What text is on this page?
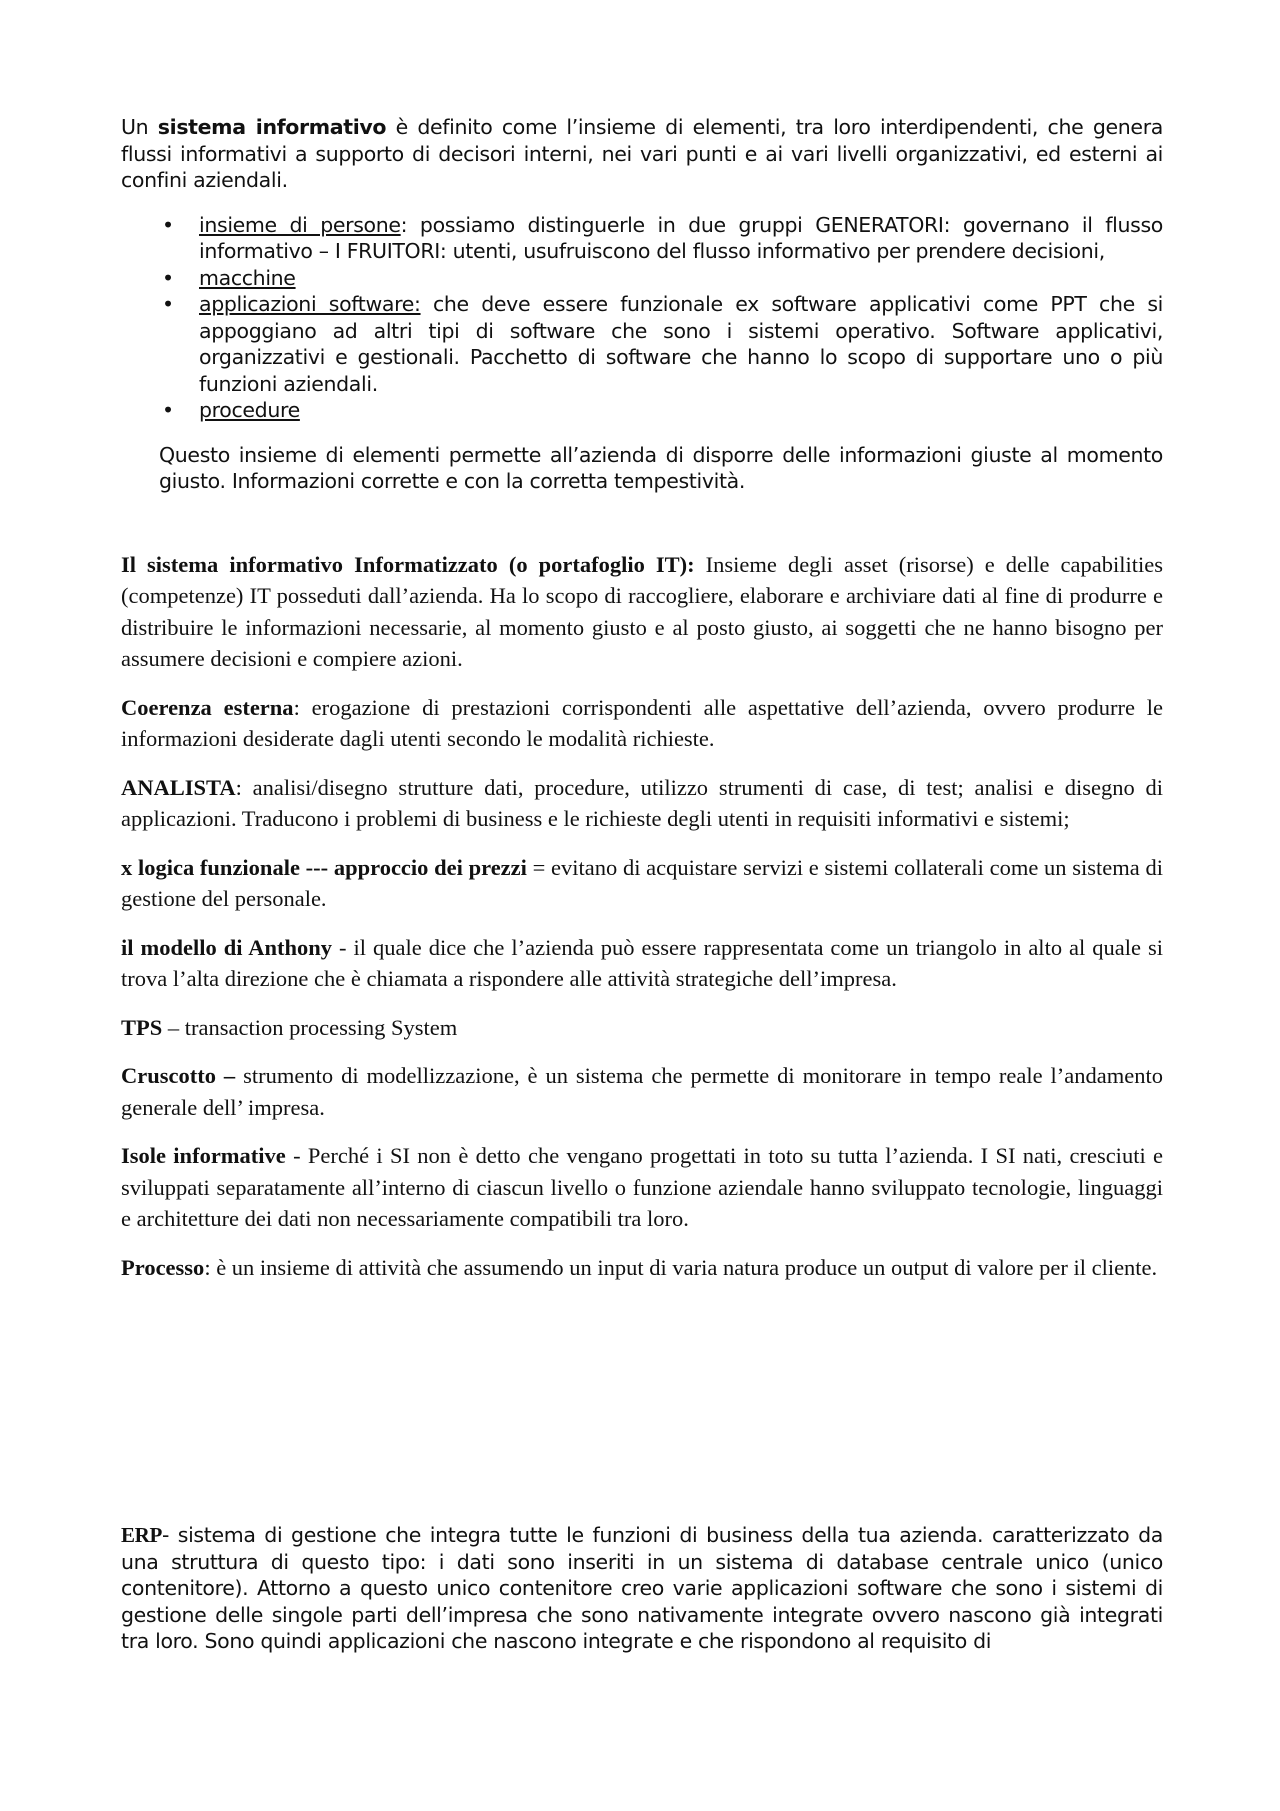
Un sistema informativo è definito come l’insieme di elementi, tra loro interdipendenti, che genera flussi informativi a supporto di decisori interni, nei vari punti e ai vari livelli organizzativi, ed esterni ai confini aziendali.

• insieme di persone: possiamo distinguerle in due gruppi GENERATORI: governano il flusso informativo – I FRUITORI: utenti, usufruiscono del flusso informativo per prendere decisioni,
• macchine
• applicazioni software: che deve essere funzionale ex software applicativi come PPT che si appoggiano ad altri tipi di software che sono i sistemi operativo. Software applicativi, organizzativi e gestionali. Pacchetto di software che hanno lo scopo di supportare uno o più funzioni aziendali.
• procedure

Questo insieme di elementi permette all’azienda di disporre delle informazioni giuste al momento giusto. Informazioni corrette e con la corretta tempestività.

Il sistema informativo Informatizzato (o portafoglio IT): Insieme degli asset (risorse) e delle capabilities (competenze) IT posseduti dall’azienda. Ha lo scopo di raccogliere, elaborare e archiviare dati al fine di produrre e distribuire le informazioni necessarie, al momento giusto e al posto giusto, ai soggetti che ne hanno bisogno per assumere decisioni e compiere azioni.

Coerenza esterna: erogazione di prestazioni corrispondenti alle aspettative dell’azienda, ovvero produrre le informazioni desiderate dagli utenti secondo le modalità richieste.

ANALISTA: analisi/disegno strutture dati, procedure, utilizzo strumenti di case, di test; analisi e disegno di applicazioni. Traducono i problemi di business e le richieste degli utenti in requisiti informativi e sistemi;

x logica funzionale --- approccio dei prezzi = evitano di acquistare servizi e sistemi collaterali come un sistema di gestione del personale.

il modello di Anthony - il quale dice che l’azienda può essere rappresentata come un triangolo in alto al quale si trova l’alta direzione che è chiamata a rispondere alle attività strategiche dell’impresa.

TPS – transaction processing System

Cruscotto – strumento di modellizzazione, è un sistema che permette di monitorare in tempo reale l’andamento generale dell’ impresa.

Isole informative - Perché i SI non è detto che vengano progettati in toto su tutta l’azienda. I SI nati, cresciuti e sviluppati separatamente all’interno di ciascun livello o funzione aziendale hanno sviluppato tecnologie, linguaggi e architetture dei dati non necessariamente compatibili tra loro.

Processo: è un insieme di attività che assumendo un input di varia natura produce un output di valore per il cliente.

ERP- sistema di gestione che integra tutte le funzioni di business della tua azienda. caratterizzato da una struttura di questo tipo: i dati sono inseriti in un sistema di database centrale unico (unico contenitore). Attorno a questo unico contenitore creo varie applicazioni software che sono i sistemi di gestione delle singole parti dell’impresa che sono nativamente integrate ovvero nascono già integrati tra loro. Sono quindi applicazioni che nascono integrate e che rispondono al requisito di
